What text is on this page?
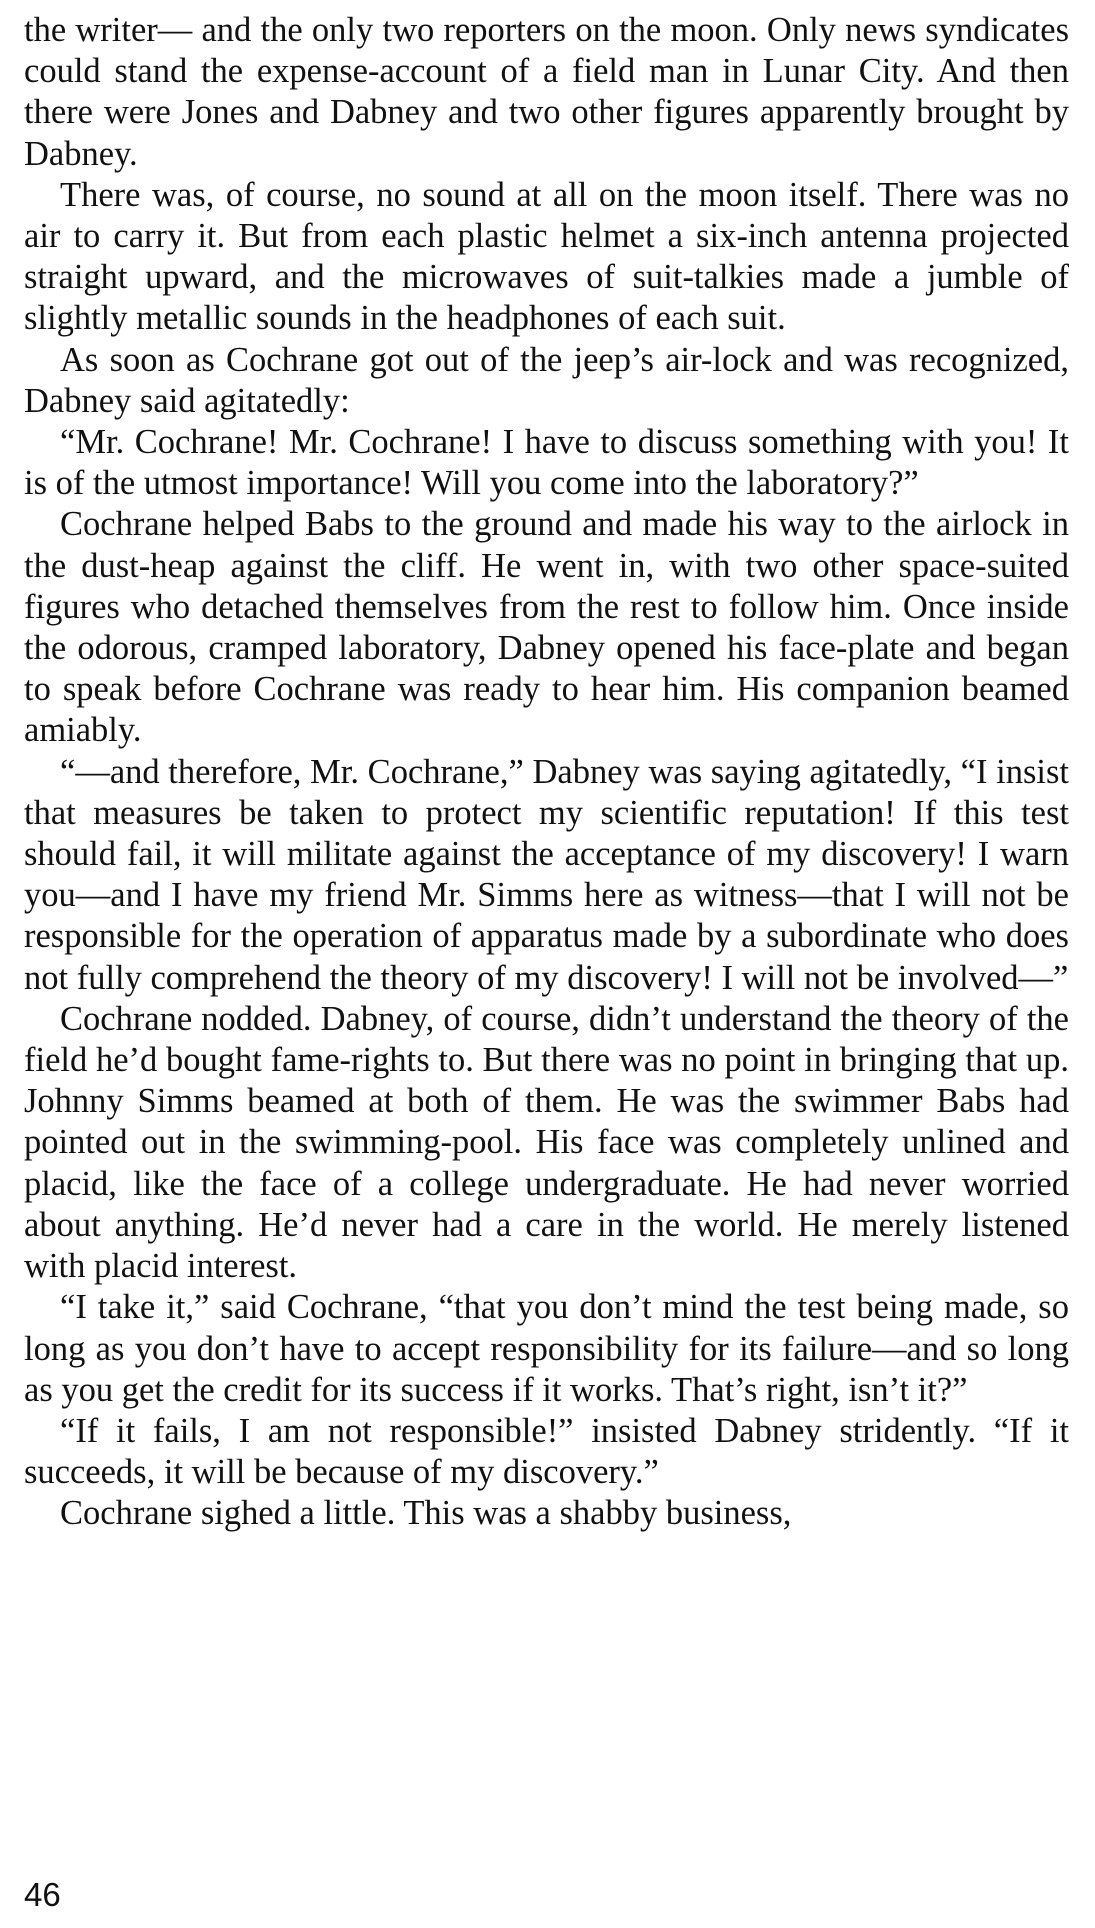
the writer— and the only two reporters on the moon. Only news syndicates could stand the expense-account of a field man in Lunar City. And then there were Jones and Dabney and two other figures apparently brought by Dabney.

There was, of course, no sound at all on the moon itself. There was no air to carry it. But from each plastic helmet a six-inch antenna projected straight upward, and the microwaves of suit-talkies made a jumble of slightly metallic sounds in the headphones of each suit.

As soon as Cochrane got out of the jeep’s air-lock and was recognized, Dabney said agitatedly:

“Mr. Cochrane! Mr. Cochrane! I have to discuss something with you! It is of the utmost importance! Will you come into the laboratory?”

Cochrane helped Babs to the ground and made his way to the airlock in the dust-heap against the cliff. He went in, with two other space-suited figures who detached themselves from the rest to follow him. Once inside the odorous, cramped laboratory, Dabney opened his face-plate and began to speak before Cochrane was ready to hear him. His companion beamed amiably.

“—and therefore, Mr. Cochrane,” Dabney was saying agitatedly, “I insist that measures be taken to protect my scientific reputation! If this test should fail, it will militate against the acceptance of my discovery! I warn you—and I have my friend Mr. Simms here as witness—that I will not be responsible for the operation of apparatus made by a subordinate who does not fully comprehend the theory of my discovery! I will not be involved—”

Cochrane nodded. Dabney, of course, didn’t understand the theory of the field he’d bought fame-rights to. But there was no point in bringing that up. Johnny Simms beamed at both of them. He was the swimmer Babs had pointed out in the swimming-pool. His face was completely unlined and placid, like the face of a college undergraduate. He had never worried about anything. He’d never had a care in the world. He merely listened with placid interest.

“I take it,” said Cochrane, “that you don’t mind the test being made, so long as you don’t have to accept responsibility for its failure—and so long as you get the credit for its success if it works. That’s right, isn’t it?”

“If it fails, I am not responsible!” insisted Dabney stridently. “If it succeeds, it will be because of my discovery.”

Cochrane sighed a little. This was a shabby business,

46
